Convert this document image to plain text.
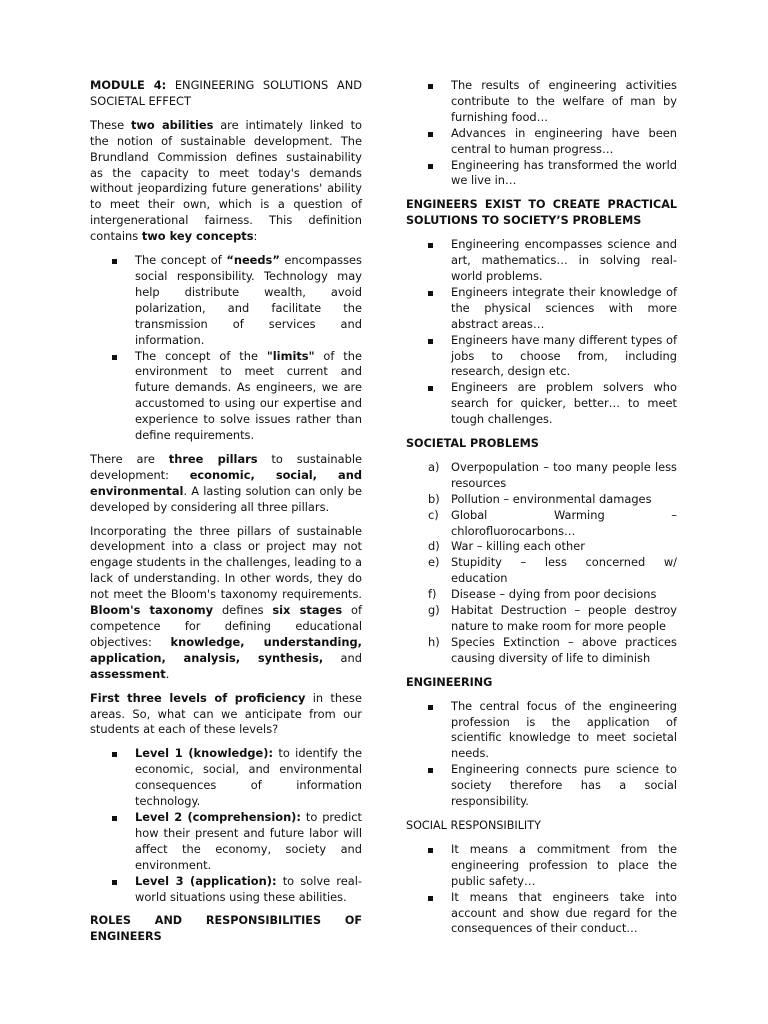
MODULE 4: ENGINEERING SOLUTIONS AND SOCIETAL EFFECT

These two abilities are intimately linked to the notion of sustainable development. The Brundland Commission defines sustainability as the capacity to meet today's demands without jeopardizing future generations' ability to meet their own, which is a question of intergenerational fairness. This definition contains two key concepts:

The concept of “needs” encompasses social responsibility. Technology may help distribute wealth, avoid polarization, and facilitate the transmission of services and information.
The concept of the "limits" of the environment to meet current and future demands. As engineers, we are accustomed to using our expertise and experience to solve issues rather than define requirements.

There are three pillars to sustainable development: economic, social, and environmental. A lasting solution can only be developed by considering all three pillars.

Incorporating the three pillars of sustainable development into a class or project may not engage students in the challenges, leading to a lack of understanding. In other words, they do not meet the Bloom's taxonomy requirements. Bloom's taxonomy defines six stages of competence for defining educational objectives: knowledge, understanding, application, analysis, synthesis, and assessment.

First three levels of proficiency in these areas. So, what can we anticipate from our students at each of these levels?

Level 1 (knowledge): to identify the economic, social, and environmental consequences of information technology.
Level 2 (comprehension): to predict how their present and future labor will affect the economy, society and environment.
Level 3 (application): to solve real-world situations using these abilities.
ROLES AND RESPONSIBILITIES OF ENGINEERS
The results of engineering activities contribute to the welfare of man by furnishing food…
Advances in engineering have been central to human progress…
Engineering has transformed the world we live in…
ENGINEERS EXIST TO CREATE PRACTICAL SOLUTIONS TO SOCIETY’S PROBLEMS
Engineering encompasses science and art, mathematics… in solving real-world problems.
Engineers integrate their knowledge of the physical sciences with more abstract areas…
Engineers have many different types of jobs to choose from, including research, design etc.
Engineers are problem solvers who search for quicker, better… to meet tough challenges.
SOCIETAL PROBLEMS
a) Overpopulation – too many people less resources
b) Pollution – environmental damages
c) Global Warming – chlorofluorocarbons…
d) War – killing each other
e) Stupidity – less concerned w/ education
f) Disease – dying from poor decisions
g) Habitat Destruction – people destroy nature to make room for more people
h) Species Extinction – above practices causing diversity of life to diminish
ENGINEERING
The central focus of the engineering profession is the application of scientific knowledge to meet societal needs.
Engineering connects pure science to society therefore has a social responsibility.
SOCIAL RESPONSIBILITY
It means a commitment from the engineering profession to place the public safety…
It means that engineers take into account and show due regard for the consequences of their conduct…
